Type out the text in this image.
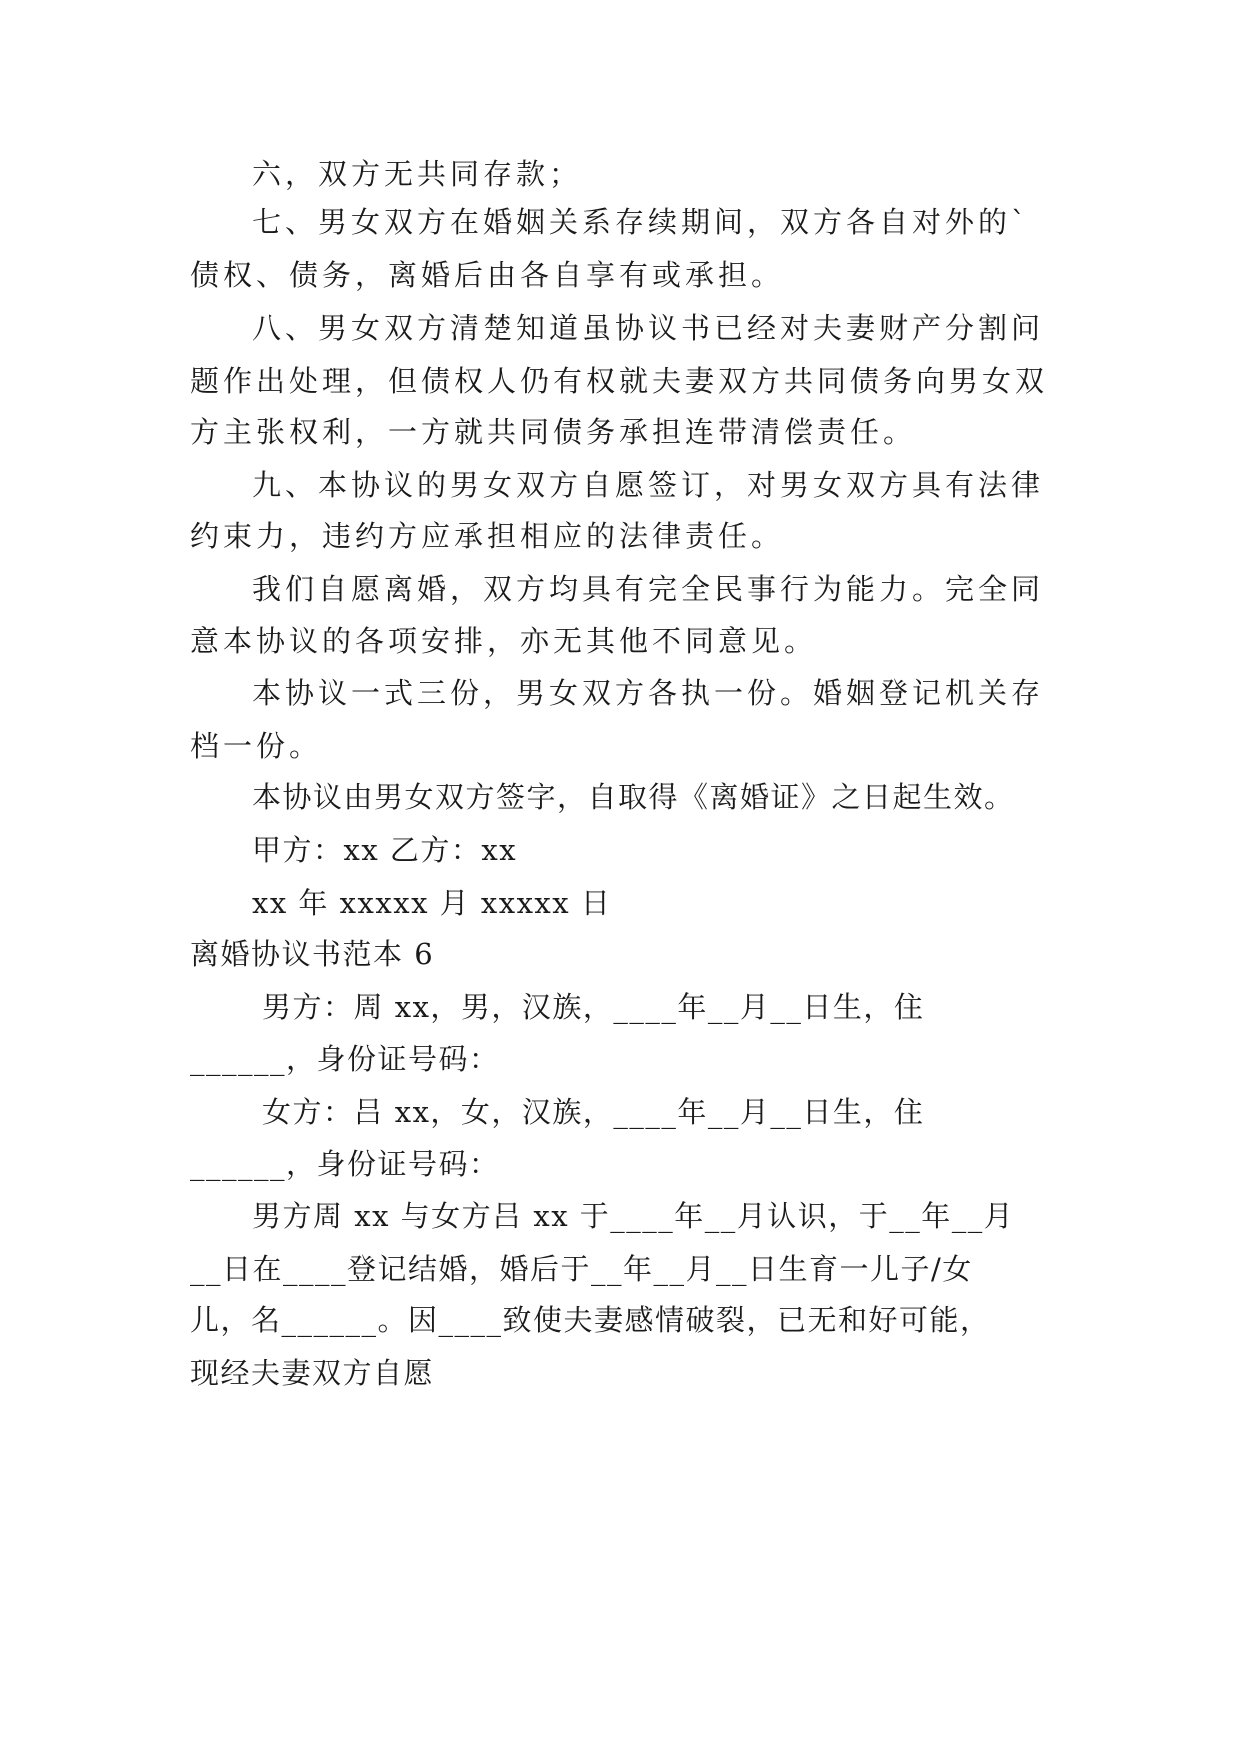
六，双方无共同存款；
七、男女双方在婚姻关系存续期间，双方各自对外的`
债权、债务，离婚后由各自享有或承担。
八、男女双方清楚知道虽协议书已经对夫妻财产分割问
题作出处理，但债权人仍有权就夫妻双方共同债务向男女双
方主张权利，一方就共同债务承担连带清偿责任。
九、本协议的男女双方自愿签订，对男女双方具有法律
约束力，违约方应承担相应的法律责任。
我们自愿离婚，双方均具有完全民事行为能力。完全同
意本协议的各项安排，亦无其他不同意见。
本协议一式三份，男女双方各执一份。婚姻登记机关存
档一份。
本协议由男女双方签字，自取得《离婚证》之日起生效。
甲方：xx 乙方：xx
xx 年 xxxxx 月 xxxxx 日
离婚协议书范本 6
男方：周 xx，男，汉族，____年__月__日生，住
______，身份证号码：
女方：吕 xx，女，汉族，____年__月__日生，住
______，身份证号码：
男方周 xx 与女方吕 xx 于____年__月认识，于__年__月
__日在____登记结婚，婚后于__年__月__日生育一儿子/女
儿，名______。因____致使夫妻感情破裂，已无和好可能，
现经夫妻双方自愿
